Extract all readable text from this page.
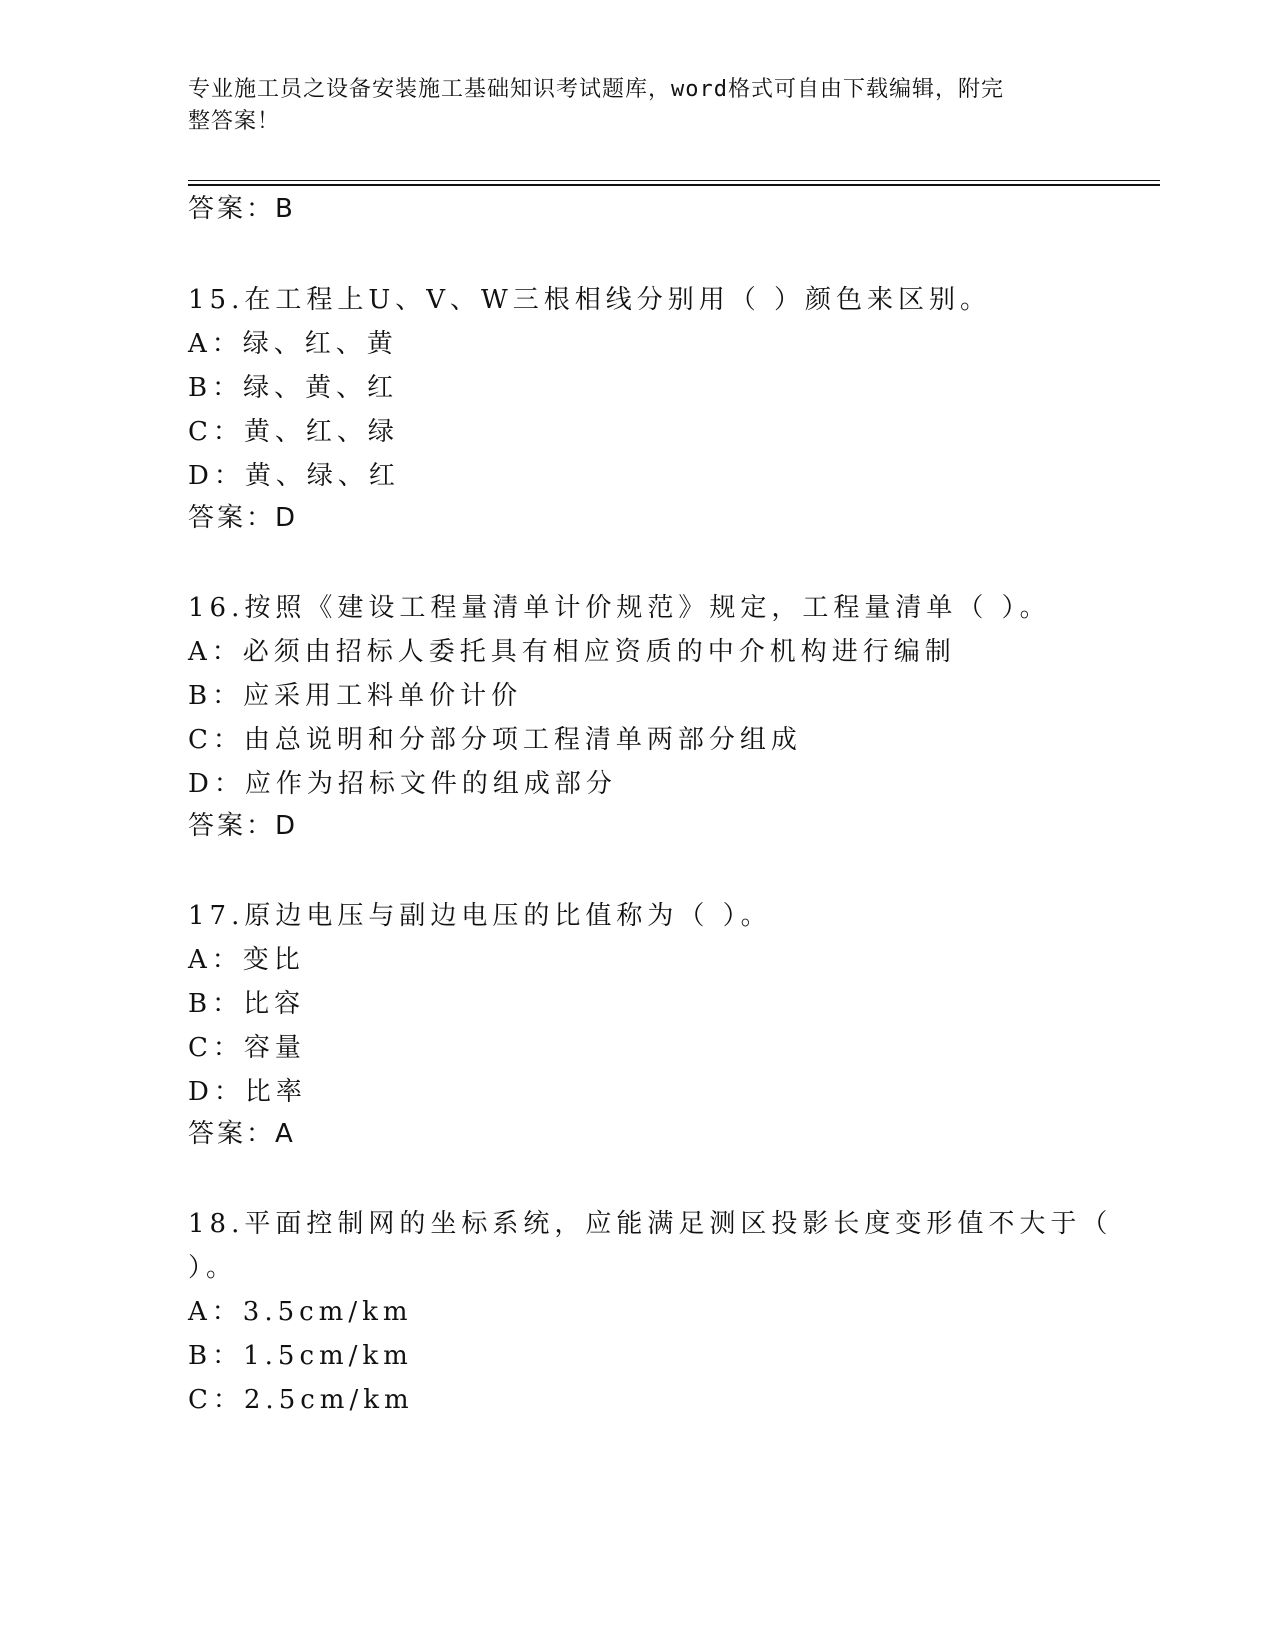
专业施工员之设备安装施工基础知识考试题库，word格式可自由下载编辑，附完
整答案！
答案：B
15.在工程上U、V、W三根相线分别用（ ）颜色来区别。
A：绿、红、黄
B：绿、黄、红
C：黄、红、绿
D：黄、绿、红
答案：D
16.按照《建设工程量清单计价规范》规定，工程量清单（ ）。
A：必须由招标人委托具有相应资质的中介机构进行编制
B：应采用工料单价计价
C：由总说明和分部分项工程清单两部分组成
D：应作为招标文件的组成部分
答案：D
17.原边电压与副边电压的比值称为（ ）。
A：变比
B：比容
C：容量
D：比率
答案：A
18.平面控制网的坐标系统，应能满足测区投影长度变形值不大于（
）。
A：3.5cm/km
B：1.5cm/km
C：2.5cm/km
